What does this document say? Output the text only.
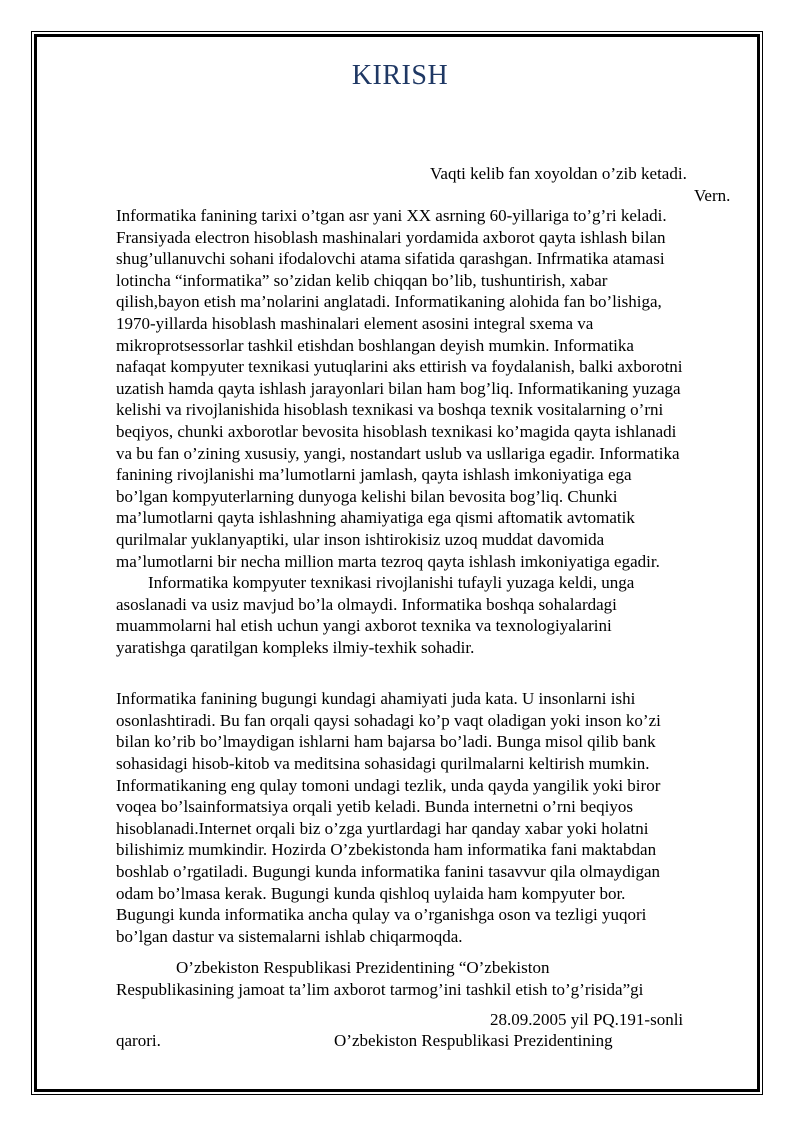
KIRISH
Vaqti kelib fan xoyoldan o’zib ketadi.
Vern.
Informatika fanining tarixi o’tgan asr yani XX asrning 60-yillariga to’g’ri keladi.
Fransiyada electron hisoblash mashinalari yordamida axborot qayta ishlash bilan
shug’ullanuvchi sohani ifodalovchi atama sifatida qarashgan. Infrmatika atamasi
lotincha “informatika” so’zidan kelib chiqqan bo’lib, tushuntirish, xabar
qilish,bayon etish ma’nolarini anglatadi. Informatikaning alohida fan bo’lishiga,
1970-yillarda hisoblash mashinalari element asosini integral sxema va
mikroprotsessorlar tashkil etishdan boshlangan deyish mumkin. Informatika
nafaqat kompyuter texnikasi yutuqlarini aks ettirish va foydalanish, balki axborotni
uzatish hamda qayta ishlash jarayonlari bilan ham bog’liq. Informatikaning yuzaga
kelishi va rivojlanishida hisoblash texnikasi va boshqa texnik vositalarning o’rni
beqiyos, chunki axborotlar bevosita hisoblash texnikasi ko’magida qayta ishlanadi
va bu fan o’zining xususiy, yangi, nostandart uslub va usllariga egadir. Informatika
fanining rivojlanishi ma’lumotlarni jamlash, qayta ishlash imkoniyatiga ega
bo’lgan kompyuterlarning dunyoga kelishi bilan bevosita bog’liq. Chunki
ma’lumotlarni qayta ishlashning ahamiyatiga ega qismi aftomatik avtomatik
qurilmalar yuklanyaptiki, ular inson ishtirokisiz uzoq muddat davomida
ma’lumotlarni bir necha million marta tezroq qayta ishlash imkoniyatiga egadir.
Informatika kompyuter texnikasi rivojlanishi tufayli yuzaga keldi, unga
asoslanadi va usiz mavjud bo’la olmaydi. Informatika boshqa sohalardagi
muammolarni hal etish uchun yangi axborot texnika va texnologiyalarini
yaratishga qaratilgan kompleks ilmiy-texhik sohadir.
Informatika fanining bugungi kundagi ahamiyati juda kata. U insonlarni ishi
osonlashtiradi. Bu fan orqali qaysi sohadagi ko’p vaqt oladigan yoki inson ko’zi
bilan ko’rib bo’lmaydigan ishlarni ham bajarsa bo’ladi. Bunga misol qilib bank
sohasidagi hisob-kitob va meditsina sohasidagi qurilmalarni keltirish mumkin.
Informatikaning eng qulay tomoni undagi tezlik, unda qayda yangilik yoki biror
voqea bo’lsainformatsiya orqali yetib keladi. Bunda internetni o’rni beqiyos
hisoblanadi.Internet orqali biz o’zga yurtlardagi har qanday xabar yoki holatni
bilishimiz mumkindir. Hozirda O’zbekistonda ham informatika fani maktabdan
boshlab o’rgatiladi. Bugungi kunda informatika fanini tasavvur qila olmaydigan
odam bo’lmasa kerak. Bugungi kunda qishloq uylaida ham kompyuter bor.
Bugungi kunda informatika ancha qulay va o’rganishga oson va tezligi yuqori
bo’lgan dastur va sistemalarni ishlab chiqarmoqda.
O’zbekiston Respublikasi Prezidentining “O’zbekiston
Respublikasining jamoat ta’lim axborot tarmog’ini tashkil etish to’g’risida”gi
28.09.2005 yil PQ.191-sonli
qarori.	O’zbekiston Respublikasi Prezidentining
